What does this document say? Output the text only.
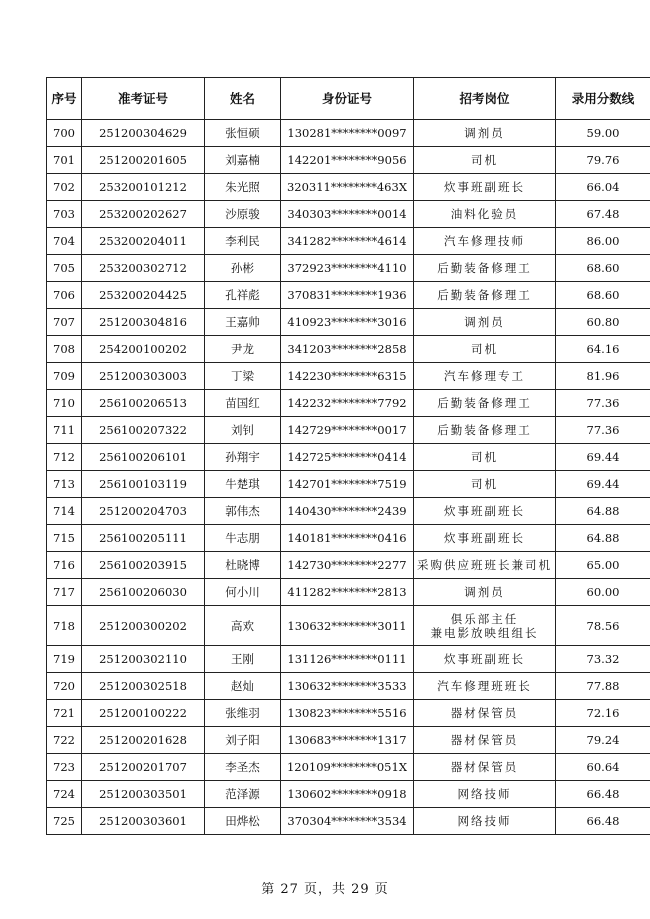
序号	准考证号	姓名	身份证号	招考岗位	录用分数线
700	251200304629	张恒硕	130281********0097	调剂员	59.00
701	251200201605	刘嘉楠	142201********9056	司机	79.76
702	253200101212	朱光照	320311********463X	炊事班副班长	66.04
703	253200202627	沙原骏	340303********0014	油料化验员	67.48
704	253200204011	李利民	341282********4614	汽车修理技师	86.00
705	253200302712	孙彬	372923********4110	后勤装备修理工	68.60
706	253200204425	孔祥彪	370831********1936	后勤装备修理工	68.60
707	251200304816	王嘉帅	410923********3016	调剂员	60.80
708	254200100202	尹龙	341203********2858	司机	64.16
709	251200303003	丁梁	142230********6315	汽车修理专工	81.96
710	256100206513	苗国红	142232********7792	后勤装备修理工	77.36
711	256100207322	刘钊	142729********0017	后勤装备修理工	77.36
712	256100206101	孙翔宇	142725********0414	司机	69.44
713	256100103119	牛楚琪	142701********7519	司机	69.44
714	251200204703	郭伟杰	140430********2439	炊事班副班长	64.88
715	256100205111	牛志朋	140181********0416	炊事班副班长	64.88
716	256100203915	杜晓博	142730********2277	采购供应班班长兼司机	65.00
717	256100206030	何小川	411282********2813	调剂员	60.00
718	251200300202	高欢	130632********3011	俱乐部主任
兼电影放映组组长	78.56
719	251200302110	王刚	131126********0111	炊事班副班长	73.32
720	251200302518	赵灿	130632********3533	汽车修理班班长	77.88
721	251200100222	张维羽	130823********5516	器材保管员	72.16
722	251200201628	刘子阳	130683********1317	器材保管员	79.24
723	251200201707	李圣杰	120109********051X	器材保管员	60.64
724	251200303501	范泽源	130602********0918	网络技师	66.48
725	251200303601	田烨松	370304********3534	网络技师	66.48
第 27 页，共 29 页
